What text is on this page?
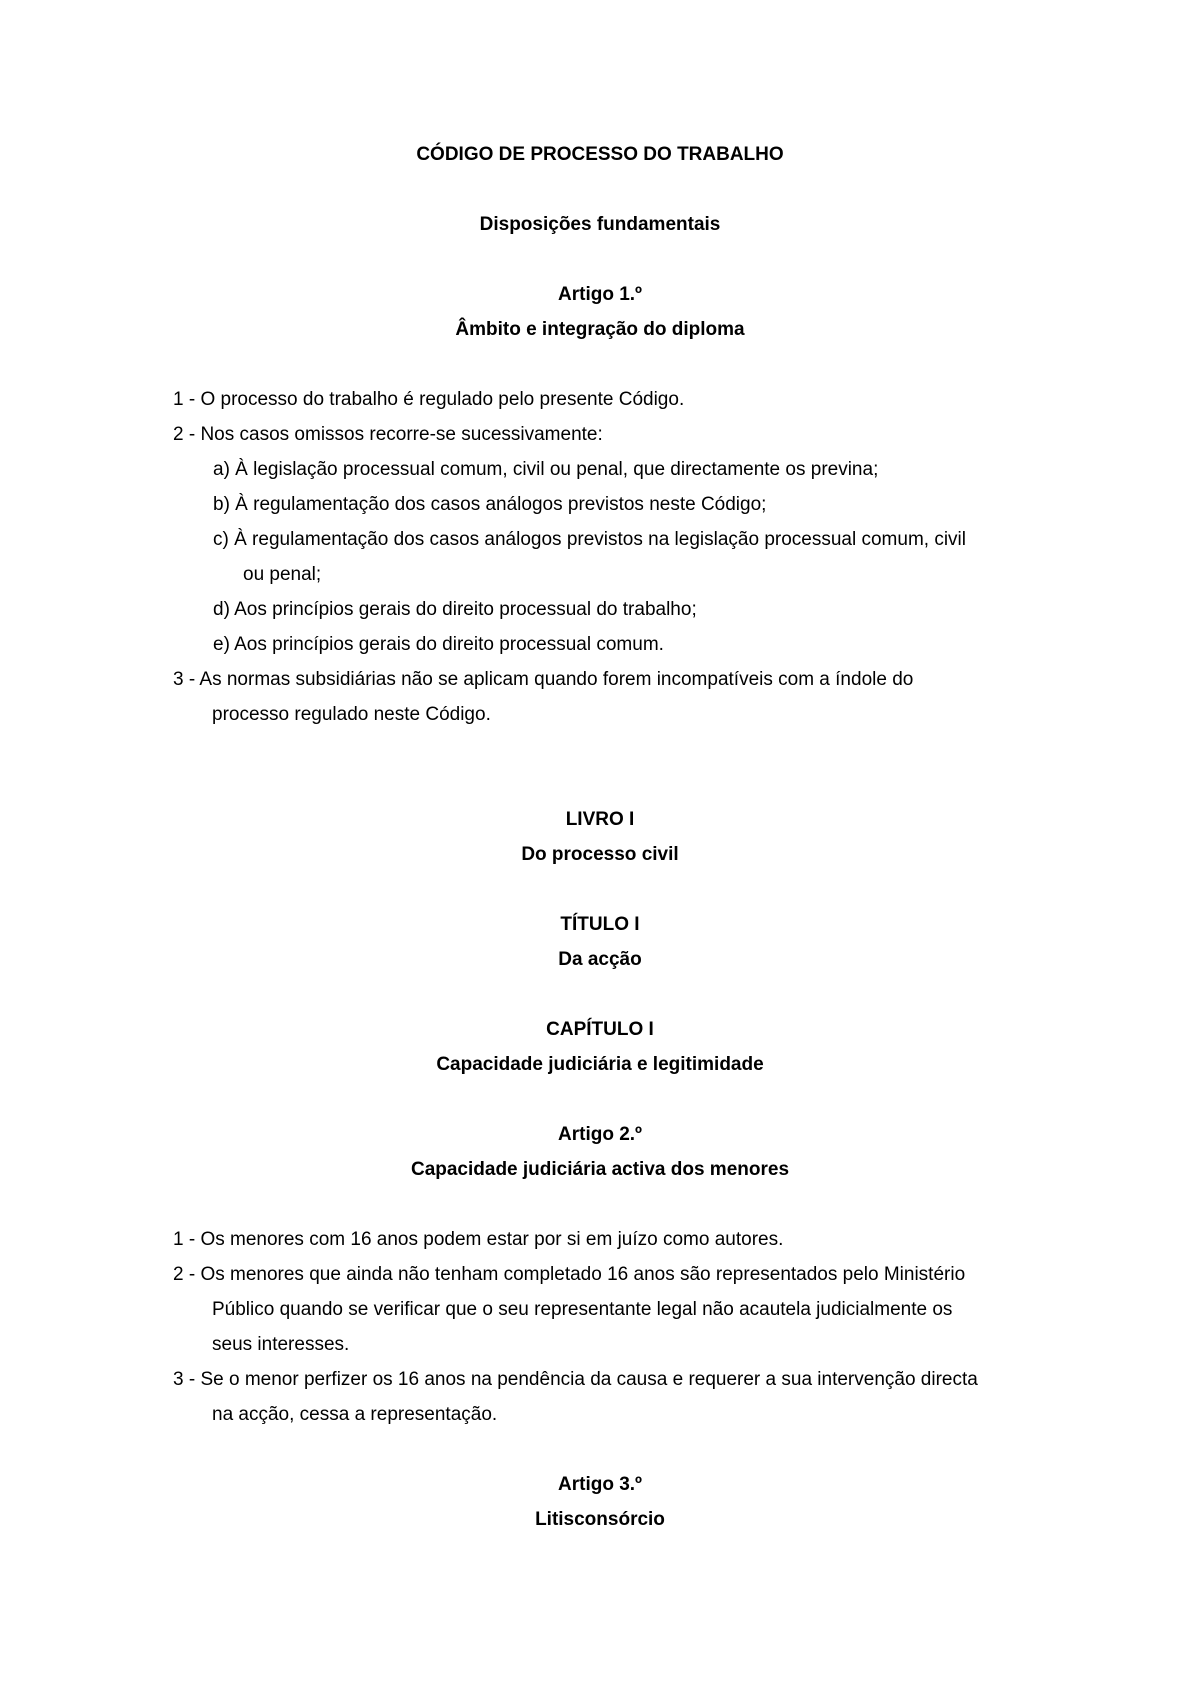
CÓDIGO DE PROCESSO DO TRABALHO
Disposições fundamentais
Artigo 1.º
Âmbito e integração do diploma
1 - O processo do trabalho é regulado pelo presente Código.
2 - Nos casos omissos recorre-se sucessivamente:
a) À legislação processual comum, civil ou penal, que directamente os previna;
b) À regulamentação dos casos análogos previstos neste Código;
c) À regulamentação dos casos análogos previstos na legislação processual comum, civil
ou penal;
d) Aos princípios gerais do direito processual do trabalho;
e) Aos princípios gerais do direito processual comum.
3 - As normas subsidiárias não se aplicam quando forem incompatíveis com a índole do
processo regulado neste Código.
LIVRO I
Do processo civil
TÍTULO I
Da acção
CAPÍTULO I
Capacidade judiciária e legitimidade
Artigo 2.º
Capacidade judiciária activa dos menores
1 - Os menores com 16 anos podem estar por si em juízo como autores.
2 - Os menores que ainda não tenham completado 16 anos são representados pelo Ministério
Público quando se verificar que o seu representante legal não acautela judicialmente os
seus interesses.
3 - Se o menor perfizer os 16 anos na pendência da causa e requerer a sua intervenção directa
na acção, cessa a representação.
Artigo 3.º
Litisconsórcio
